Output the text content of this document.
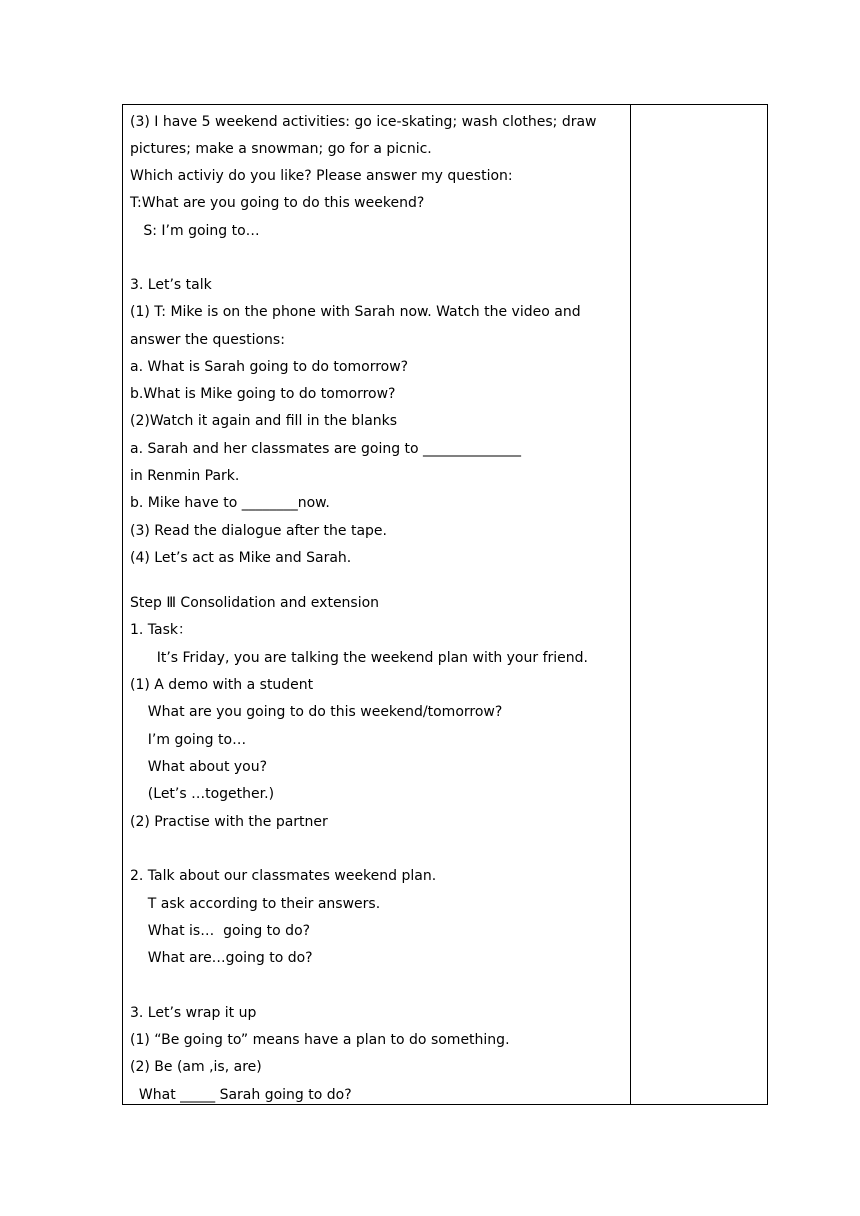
(3) I have 5 weekend activities: go ice-skating; wash clothes; draw
pictures; make a snowman; go for a picnic.
Which activiy do you like? Please answer my question:
T:What are you going to do this weekend?
S: I’m going to…
3. Let’s talk
(1) T: Mike is on the phone with Sarah now. Watch the video and
answer the questions:
a. What is Sarah going to do tomorrow?
b.What is Mike going to do tomorrow?
(2)Watch it again and fill in the blanks
a. Sarah and her classmates are going to ______________
in Renmin Park.
b. Mike have to ________now.
(3) Read the dialogue after the tape.
(4) Let’s act as Mike and Sarah.
Step Ⅲ Consolidation and extension
1. Task：
It’s Friday, you are talking the weekend plan with your friend.
(1) A demo with a student
What are you going to do this weekend/tomorrow?
I’m going to…
What about you?
(Let’s …together.)
(2) Practise with the partner
2. Talk about our classmates weekend plan.
T ask according to their answers.
What is…  going to do?
What are…going to do?
3. Let’s wrap it up
(1) “Be going to” means have a plan to do something.
(2) Be (am ,is, are)
What _____ Sarah going to do?
